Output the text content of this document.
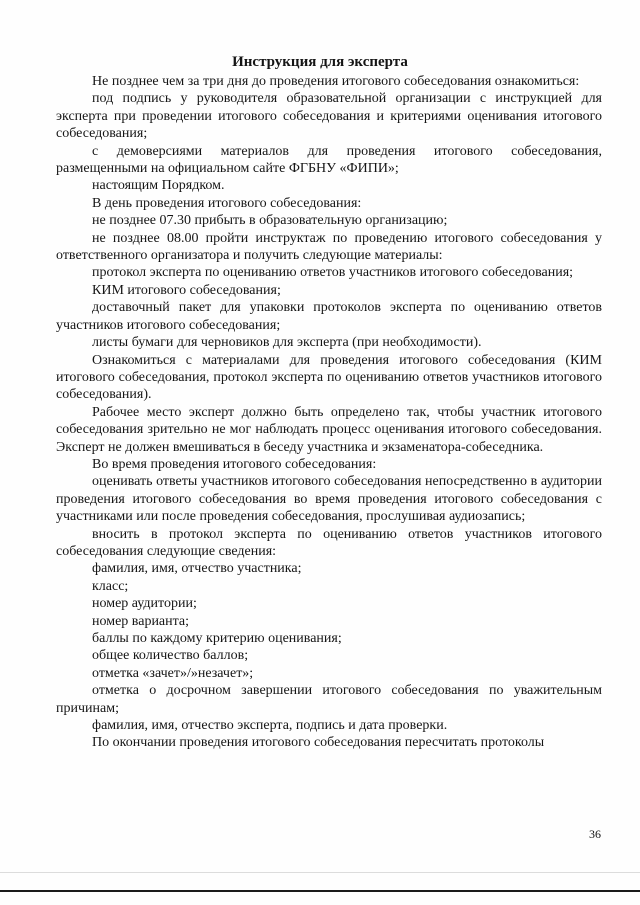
Инструкция для эксперта

Не позднее чем за три дня до проведения итогового собеседования ознакомиться:

под подпись у руководителя образовательной организации с инструкцией для эксперта при проведении итогового собеседования и критериями оценивания итогового собеседования;

с демоверсиями материалов для проведения итогового собеседования, размещенными на официальном сайте ФГБНУ «ФИПИ»;

настоящим Порядком.

В день проведения итогового собеседования:

не позднее 07.30 прибыть в образовательную организацию;

не позднее 08.00 пройти инструктаж по проведению итогового собеседования у ответственного организатора и получить следующие материалы:

протокол эксперта по оцениванию ответов участников итогового собеседования;

КИМ итогового собеседования;

доставочный пакет для упаковки протоколов эксперта по оцениванию ответов участников итогового собеседования;

листы бумаги для черновиков для эксперта (при необходимости).

Ознакомиться с материалами для проведения итогового собеседования (КИМ итогового собеседования, протокол эксперта по оцениванию ответов участников итогового собеседования).

Рабочее место эксперт должно быть определено так, чтобы участник итогового собеседования зрительно не мог наблюдать процесс оценивания итогового собеседования. Эксперт не должен вмешиваться в беседу участника и экзаменатора-собеседника.

Во время проведения итогового собеседования:

оценивать ответы участников итогового собеседования непосредственно в аудитории проведения итогового собеседования во время проведения итогового собеседования с участниками или после проведения собеседования, прослушивая аудиозапись;

вносить в протокол эксперта по оцениванию ответов участников итогового собеседования следующие сведения:

фамилия, имя, отчество участника;

класс;

номер аудитории;

номер варианта;

баллы по каждому критерию оценивания;

общее количество баллов;

отметка «зачет»/»незачет»;

отметка о досрочном завершении итогового собеседования по уважительным причинам;

фамилия, имя, отчество эксперта, подпись и дата проверки.

По окончании проведения итогового собеседования пересчитать протоколы

36
